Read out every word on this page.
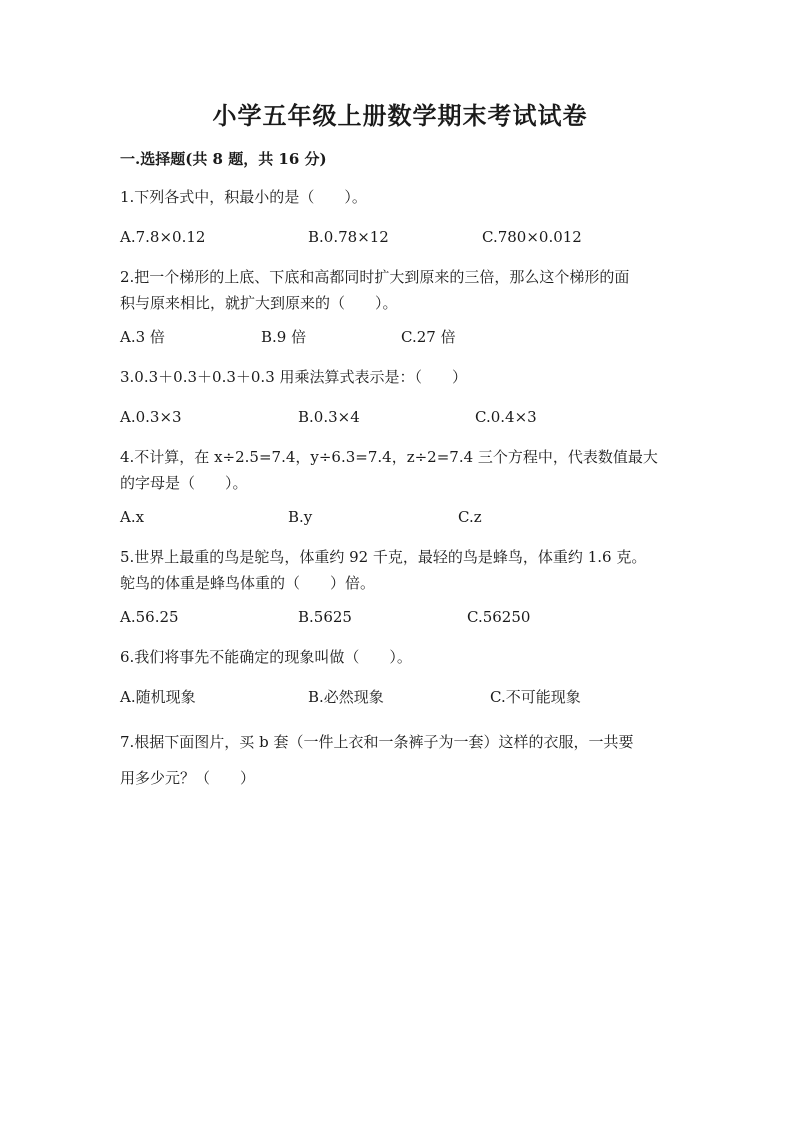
小学五年级上册数学期末考试试卷
一.选择题(共 8 题，共 16 分)
1.下列各式中，积最小的是（　　）。
A.7.8×0.12	B.0.78×12	C.780×0.012
2.把一个梯形的上底、下底和高都同时扩大到原来的三倍，那么这个梯形的面
积与原来相比，就扩大到原来的（　　）。
A.3 倍	B.9 倍	C.27 倍
3.0.3＋0.3＋0.3＋0.3 用乘法算式表示是：（　　）
A.0.3×3	B.0.3×4	C.0.4×3
4.不计算，在 x÷2.5=7.4，y÷6.3=7.4，z÷2=7.4 三个方程中，代表数值最大
的字母是（　　）。
A.x	B.y	C.z
5.世界上最重的鸟是鸵鸟，体重约 92 千克，最轻的鸟是蜂鸟，体重约 1.6 克。
鸵鸟的体重是蜂鸟体重的（　　）倍。
A.56.25	B.5625	C.56250
6.我们将事先不能确定的现象叫做（　　）。
A.随机现象	B.必然现象	C.不可能现象
7.根据下面图片，买 b 套（一件上衣和一条裤子为一套）这样的衣服，一共要
用多少元？（　　）
